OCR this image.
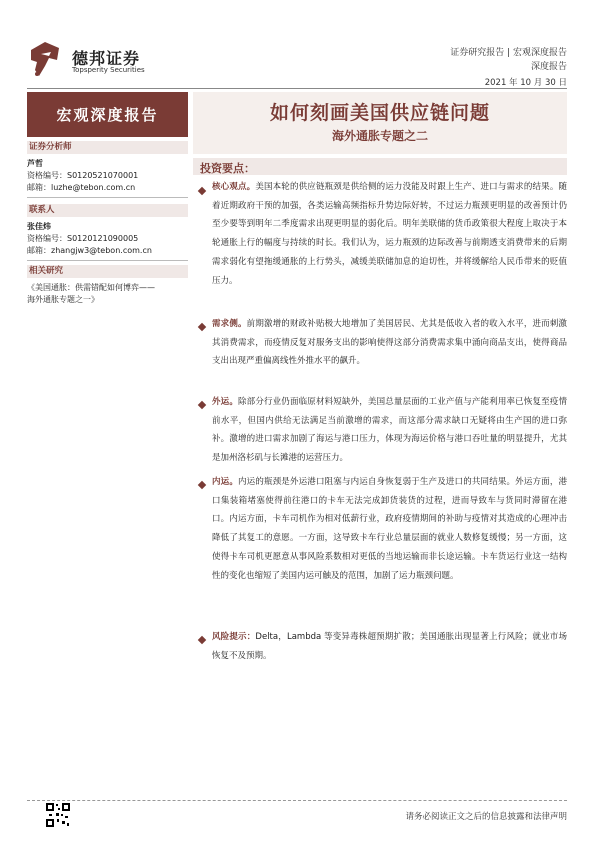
德邦证券
Topsperity Securities
证券研究报告 | 宏观深度报告
深度报告
2021 年 10 月 30 日
宏观深度报告
证券分析师
芦哲
资格编号：S0120521070001
邮箱：luzhe@tebon.com.cn
联系人
张佳炜
资格编号：S0120121090005
邮箱：zhangjw3@tebon.com.cn
相关研究
《美国通胀：供需错配如何博弈——
海外通胀专题之一》
如何刻画美国供应链问题
海外通胀专题之二
投资要点：
核心观点。美国本轮的供应链瓶颈是供给侧的运力没能及时跟上生产、进口与需求的结果。随着近期政府干预的加强，各类运输高频指标升势边际好转，不过运力瓶颈更明显的改善预计仍至少要等到明年二季度需求出现更明显的弱化后。明年美联储的货币政策很大程度上取决于本轮通胀上行的幅度与持续的时长。我们认为，运力瓶颈的边际改善与前期透支消费带来的后期需求弱化有望拖缓通胀的上行势头，减缓美联储加息的迫切性，并将缓解给人民币带来的贬值压力。
需求侧。前期激增的财政补贴极大地增加了美国居民、尤其是低收入者的收入水平，进而刺激其消费需求，而疫情反复对服务支出的影响使得这部分消费需求集中涌向商品支出，使得商品支出出现严重偏离线性外推水平的飙升。
外运。除部分行业仍面临原材料短缺外，美国总量层面的工业产值与产能利用率已恢复至疫情前水平，但国内供给无法满足当前激增的需求，而这部分需求缺口无疑将由生产国的进口弥补。激增的进口需求加剧了海运与港口压力，体现为海运价格与港口吞吐量的明显提升，尤其是加州洛杉矶与长滩港的运营压力。
内运。内运的瓶颈是外运港口阻塞与内运自身恢复弱于生产及进口的共同结果。外运方面，港口集装箱堵塞使得前往港口的卡车无法完成卸货装货的过程，进而导致车与货同时滞留在港口。内运方面，卡车司机作为相对低薪行业，政府疫情期间的补助与疫情对其造成的心理冲击降低了其复工的意愿。一方面，这导致卡车行业总量层面的就业人数修复缓慢；另一方面，这使得卡车司机更愿意从事风险系数相对更低的当地运输而非长途运输。卡车货运行业这一结构性的变化也缩短了美国内运可触及的范围，加剧了运力瓶颈问题。
风险提示：Delta，Lambda 等变异毒株超预期扩散；美国通胀出现显著上行风险；就业市场恢复不及预期。
请务必阅读正文之后的信息披露和法律声明
